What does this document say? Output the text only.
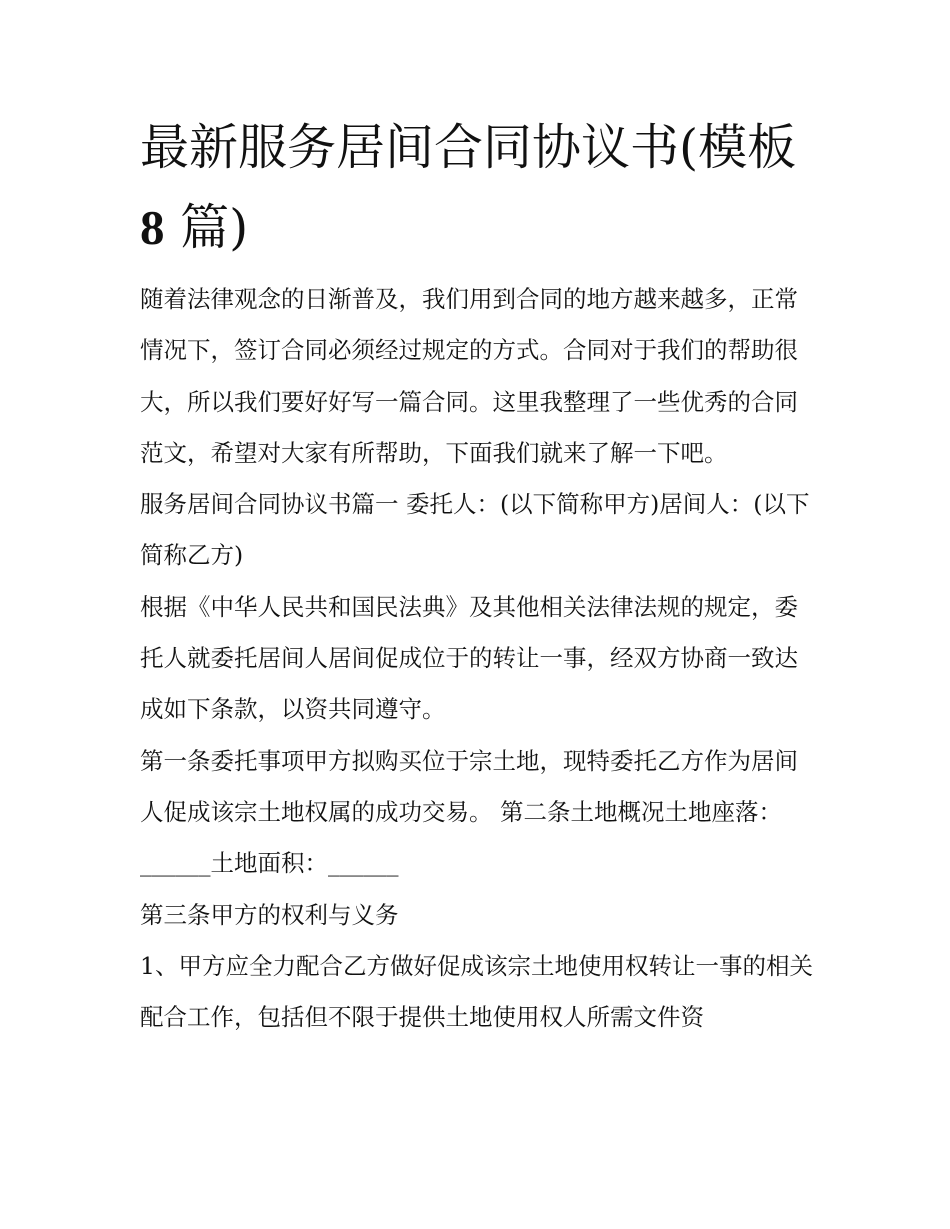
最新服务居间合同协议书(模板
8 篇)

随着法律观念的日渐普及，我们用到合同的地方越来越多，正常情况下，签订合同必须经过规定的方式。合同对于我们的帮助很大，所以我们要好好写一篇合同。这里我整理了一些优秀的合同范文，希望对大家有所帮助，下面我们就来了解一下吧。

服务居间合同协议书篇一 委托人：(以下简称甲方)居间人：(以下简称乙方)

根据《中华人民共和国民法典》及其他相关法律法规的规定，委托人就委托居间人居间促成位于的转让一事，经双方协商一致达成如下条款，以资共同遵守。

第一条委托事项甲方拟购买位于宗土地，现特委托乙方作为居间人促成该宗土地权属的成功交易。 第二条土地概况土地座落：______土地面积：______

第三条甲方的权利与义务

1、甲方应全力配合乙方做好促成该宗土地使用权转让一事的相关配合工作，包括但不限于提供土地使用权人所需文件资
